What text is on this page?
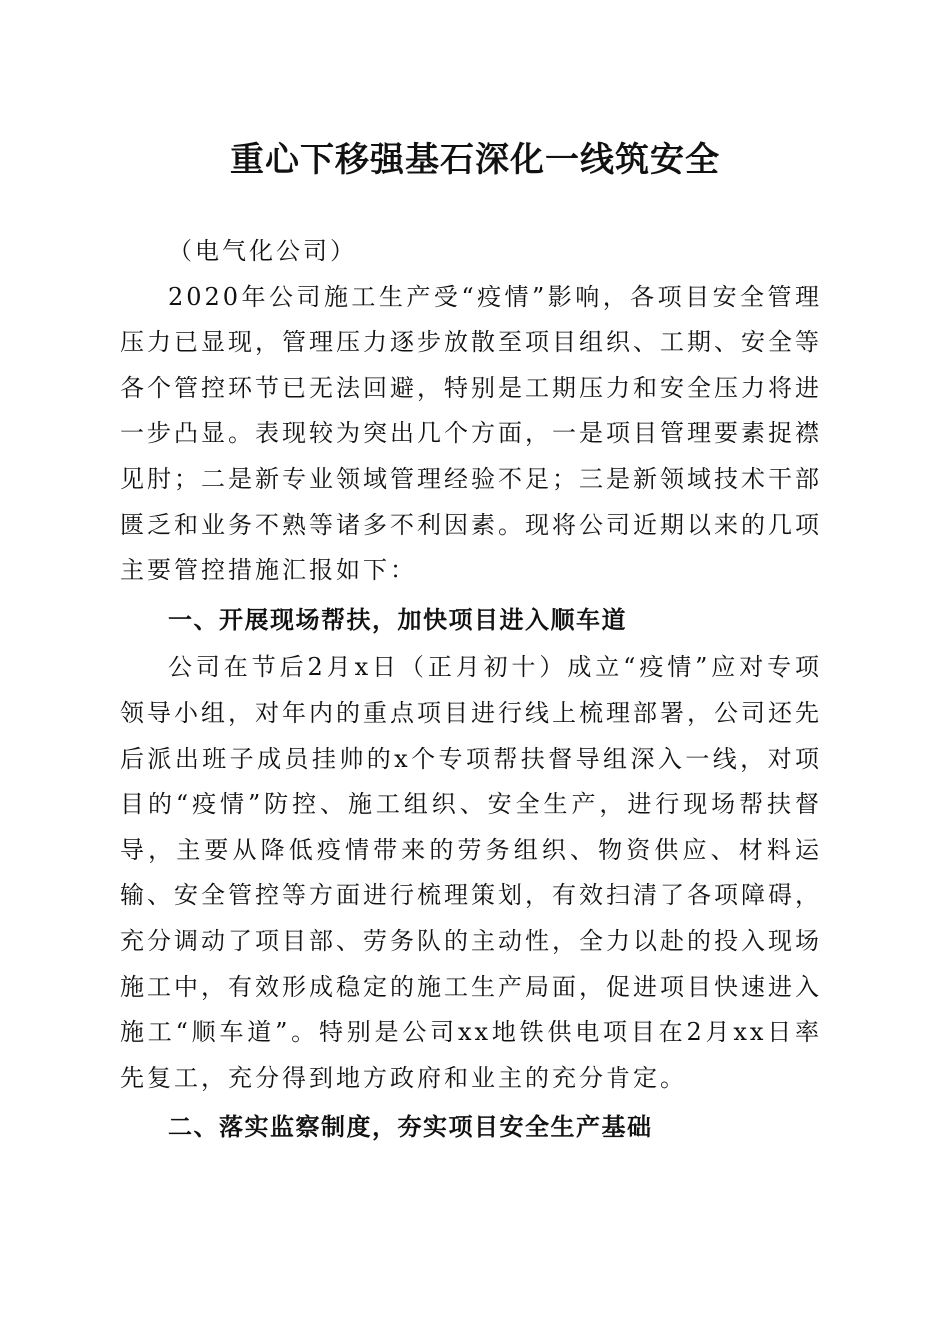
重心下移强基石深化一线筑安全

（电气化公司）

2020年公司施工生产受“疫情”影响，各项目安全管理压力已显现，管理压力逐步放散至项目组织、工期、安全等各个管控环节已无法回避，特别是工期压力和安全压力将进一步凸显。表现较为突出几个方面，一是项目管理要素捉襟见肘；二是新专业领域管理经验不足；三是新领域技术干部匮乏和业务不熟等诸多不利因素。现将公司近期以来的几项主要管控措施汇报如下：

一、开展现场帮扶，加快项目进入顺车道

公司在节后2月x日（正月初十）成立“疫情”应对专项领导小组，对年内的重点项目进行线上梳理部署，公司还先后派出班子成员挂帅的x个专项帮扶督导组深入一线，对项目的“疫情”防控、施工组织、安全生产，进行现场帮扶督导，主要从降低疫情带来的劳务组织、物资供应、材料运输、安全管控等方面进行梳理策划，有效扫清了各项障碍，充分调动了项目部、劳务队的主动性，全力以赴的投入现场施工中，有效形成稳定的施工生产局面，促进项目快速进入施工“顺车道”。特别是公司xx地铁供电项目在2月xx日率先复工，充分得到地方政府和业主的充分肯定。

二、落实监察制度，夯实项目安全生产基础
